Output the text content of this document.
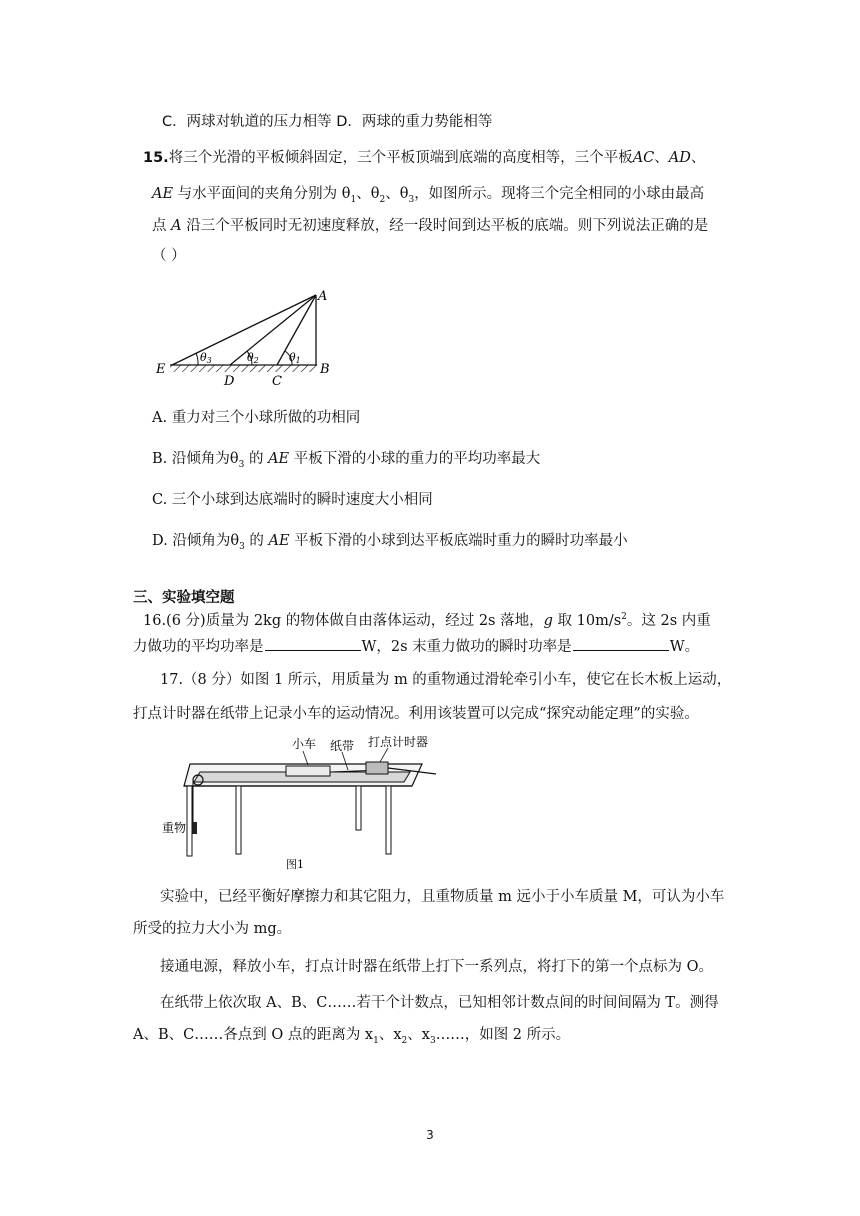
C．两球对轨道的压力相等 D．两球的重力势能相等
15.将三个光滑的平板倾斜固定，三个平板顶端到底端的高度相等，三个平板AC、AD、
AE 与水平面间的夹角分别为 $\theta_1$、$\theta_2$、$\theta_3$，如图所示。现将三个完全相同的小球由最高
点 A 沿三个平板同时无初速度释放，经一段时间到达平板的底端。则下列说法正确的是
（ ）
A
B
C
D
E
θ3	θ2	θ1
A. 重力对三个小球所做的功相同
B. 沿倾角为$\theta_3$ 的 AE 平板下滑的小球的重力的平均功率最大
C. 三个小球到达底端时的瞬时速度大小相同
D. 沿倾角为$\theta_3$ 的 AE 平板下滑的小球到达平板底端时重力的瞬时功率最小
三、实验填空题
16.(6 分)质量为 2kg 的物体做自由落体运动，经过 2s 落地，g 取 $10m/s^2$。这 2s 内重
力做功的平均功率是	W，2s 末重力做功的瞬时功率是	W。
17.（8 分）如图 1 所示，用质量为 m 的重物通过滑轮牵引小车，使它在长木板上运动，
打点计时器在纸带上记录小车的运动情况。利用该装置可以完成“探究动能定理”的实验。
小车 纸带 打点计时器
重物
图1
实验中，已经平衡好摩擦力和其它阻力，且重物质量 m 远小于小车质量 M，可认为小车
所受的拉力大小为 mg。
接通电源，释放小车，打点计时器在纸带上打下一系列点，将打下的第一个点标为 O。
在纸带上依次取 A、B、C……若干个计数点，已知相邻计数点间的时间间隔为 T。测得
A、B、C……各点到 O 点的距离为 $x_1$、$x_2$、$x_3\dots\dots$，如图 2 所示。
3
